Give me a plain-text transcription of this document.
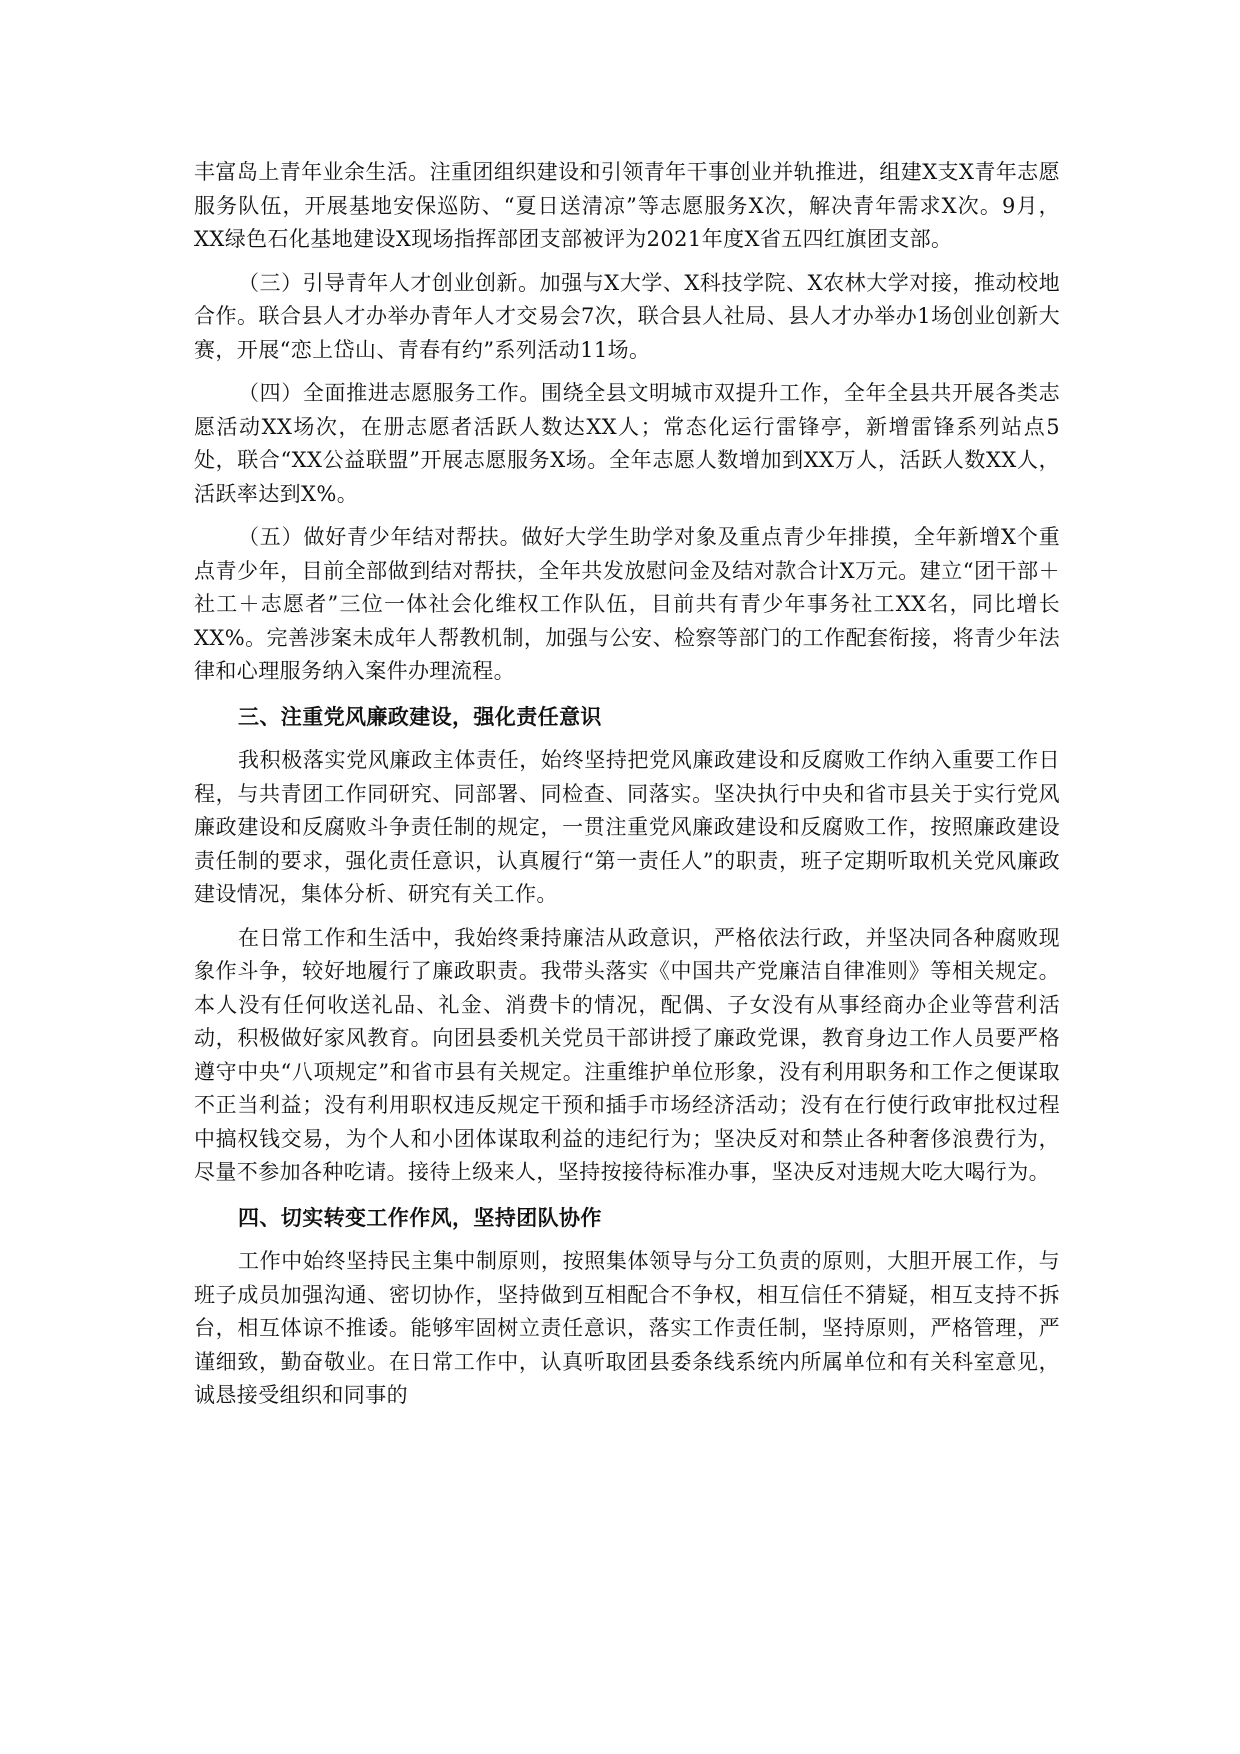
丰富岛上青年业余生活。注重团组织建设和引领青年干事创业并轨推进，组建X支X青年志愿服务队伍，开展基地安保巡防、“夏日送清凉”等志愿服务X次，解决青年需求X次。9月，XX绿色石化基地建设X现场指挥部团支部被评为2021年度X省五四红旗团支部。

（三）引导青年人才创业创新。加强与X大学、X科技学院、X农林大学对接，推动校地合作。联合县人才办举办青年人才交易会7次，联合县人社局、县人才办举办1场创业创新大赛，开展“恋上岱山、青春有约”系列活动11场。

（四）全面推进志愿服务工作。围绕全县文明城市双提升工作，全年全县共开展各类志愿活动XX场次，在册志愿者活跃人数达XX人；常态化运行雷锋亭，新增雷锋系列站点5处，联合“XX公益联盟”开展志愿服务X场。全年志愿人数增加到XX万人，活跃人数XX人，活跃率达到X%。

（五）做好青少年结对帮扶。做好大学生助学对象及重点青少年排摸，全年新增X个重点青少年，目前全部做到结对帮扶，全年共发放慰问金及结对款合计X万元。建立“团干部＋社工＋志愿者”三位一体社会化维权工作队伍，目前共有青少年事务社工XX名，同比增长XX%。完善涉案未成年人帮教机制，加强与公安、检察等部门的工作配套衔接，将青少年法律和心理服务纳入案件办理流程。

三、注重党风廉政建设，强化责任意识

我积极落实党风廉政主体责任，始终坚持把党风廉政建设和反腐败工作纳入重要工作日程，与共青团工作同研究、同部署、同检查、同落实。坚决执行中央和省市县关于实行党风廉政建设和反腐败斗争责任制的规定，一贯注重党风廉政建设和反腐败工作，按照廉政建设责任制的要求，强化责任意识，认真履行“第一责任人”的职责，班子定期听取机关党风廉政建设情况，集体分析、研究有关工作。

在日常工作和生活中，我始终秉持廉洁从政意识，严格依法行政，并坚决同各种腐败现象作斗争，较好地履行了廉政职责。我带头落实《中国共产党廉洁自律准则》等相关规定。本人没有任何收送礼品、礼金、消费卡的情况，配偶、子女没有从事经商办企业等营利活动，积极做好家风教育。向团县委机关党员干部讲授了廉政党课，教育身边工作人员要严格遵守中央“八项规定”和省市县有关规定。注重维护单位形象，没有利用职务和工作之便谋取不正当利益；没有利用职权违反规定干预和插手市场经济活动；没有在行使行政审批权过程中搞权钱交易，为个人和小团体谋取利益的违纪行为；坚决反对和禁止各种奢侈浪费行为，尽量不参加各种吃请。接待上级来人，坚持按接待标准办事，坚决反对违规大吃大喝行为。

四、切实转变工作作风，坚持团队协作

工作中始终坚持民主集中制原则，按照集体领导与分工负责的原则，大胆开展工作，与班子成员加强沟通、密切协作，坚持做到互相配合不争权，相互信任不猜疑，相互支持不拆台，相互体谅不推诿。能够牢固树立责任意识，落实工作责任制，坚持原则，严格管理，严谨细致，勤奋敬业。在日常工作中，认真听取团县委条线系统内所属单位和有关科室意见，诚恳接受组织和同事的
